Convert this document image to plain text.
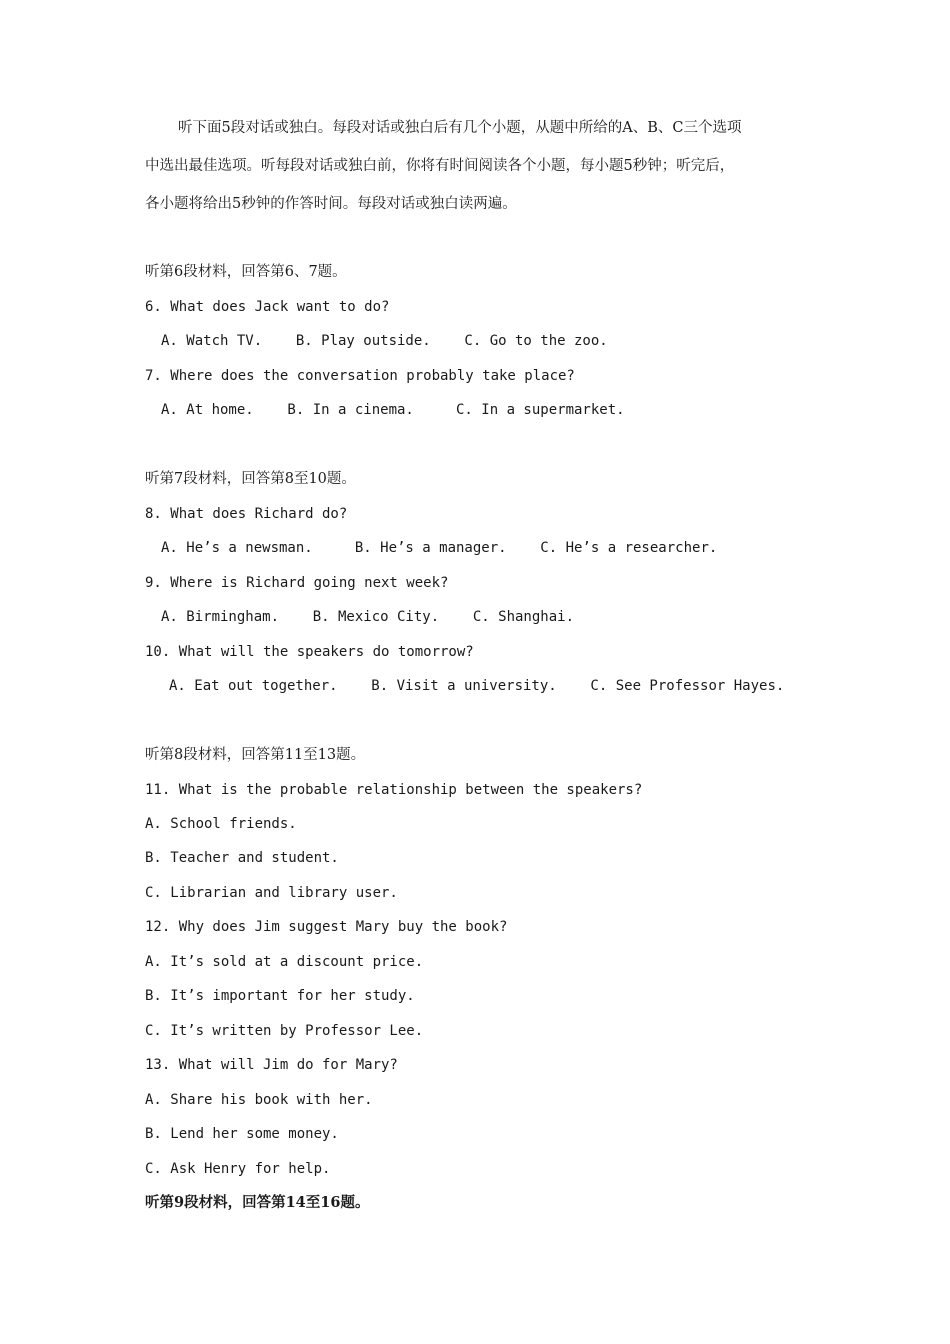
听下面5段对话或独白。每段对话或独白后有几个小题，从题中所给的A、B、C三个选项
中选出最佳选项。听每段对话或独白前，你将有时间阅读各个小题，每小题5秒钟；听完后，
各小题将给出5秒钟的作答时间。每段对话或独白读两遍。
听第6段材料，回答第6、7题。
6. What does Jack want to do?
A. Watch TV.    B. Play outside.    C. Go to the zoo.
7. Where does the conversation probably take place?
A. At home.    B. In a cinema.     C. In a supermarket.
听第7段材料，回答第8至10题。
8. What does Richard do?
A. He’s a newsman.     B. He’s a manager.    C. He’s a researcher.
9. Where is Richard going next week?
A. Birmingham.    B. Mexico City.    C. Shanghai.
10. What will the speakers do tomorrow?
A. Eat out together.    B. Visit a university.    C. See Professor Hayes.
听第8段材料，回答第11至13题。
11. What is the probable relationship between the speakers?
A. School friends.
B. Teacher and student.
C. Librarian and library user.
12. Why does Jim suggest Mary buy the book?
A. It’s sold at a discount price.
B. It’s important for her study.
C. It’s written by Professor Lee.
13. What will Jim do for Mary?
A. Share his book with her.
B. Lend her some money.
C. Ask Henry for help.
听第9段材料，回答第14至16题。
